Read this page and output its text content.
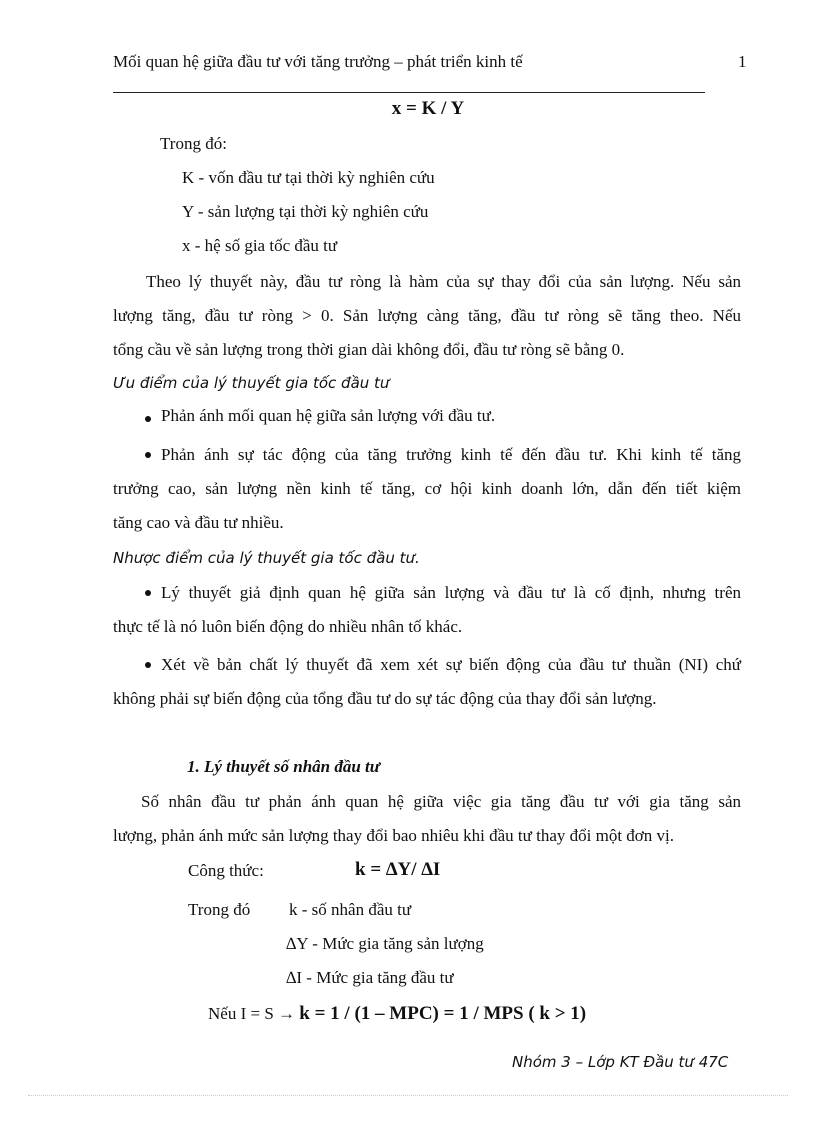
Mối quan hệ giữa đầu tư với tăng trưởng – phát triển kinh tế	1
x = K / Y
Trong đó:
K - vốn đầu tư tại thời kỳ nghiên cứu
Y - sản lượng tại thời kỳ nghiên cứu
x - hệ số gia tốc đầu tư
Theo lý thuyết này, đầu tư ròng là hàm của sự thay đổi của sản lượng. Nếu sản
lượng tăng, đầu tư ròng > 0. Sản lượng càng tăng, đầu tư ròng sẽ tăng theo. Nếu
tổng cầu về sản lượng trong thời gian dài không đổi, đầu tư ròng sẽ bằng 0.
Ưu điểm của lý thuyết gia tốc đầu tư
Phản ánh mối quan hệ giữa sản lượng với đầu tư.
Phản ánh sự tác động của tăng trưởng kinh tế đến đầu tư. Khi kinh tế tăng
trưởng cao, sản lượng nền kinh tế tăng, cơ hội kinh doanh lớn, dẫn đến tiết kiệm
tăng cao và đầu tư nhiều.
Nhược điểm của lý thuyết gia tốc đầu tư.
Lý thuyết giả định quan hệ giữa sản lượng và đầu tư là cố định, nhưng trên
thực tế là nó luôn biến động do nhiều nhân tố khác.
Xét về bản chất lý thuyết đã xem xét sự biến động của đầu tư thuần (NI) chứ
không phải sự biến động của tổng đầu tư do sự tác động của thay đổi sản lượng.
1. Lý thuyết số nhân đầu tư
Số nhân đầu tư phản ánh quan hệ giữa việc gia tăng đầu tư với gia tăng sản
lượng, phản ánh mức sản lượng thay đổi bao nhiêu khi đầu tư thay đổi một đơn vị.
Công thức:	k = ∆Y/ ∆I
Trong đó k - số nhân đầu tư
∆Y - Mức gia tăng sản lượng
∆I - Mức gia tăng đầu tư
Nếu I = S → k = 1 / (1 – MPC) = 1 / MPS ( k > 1)
Nhóm 3 – Lớp KT Đầu tư 47C
